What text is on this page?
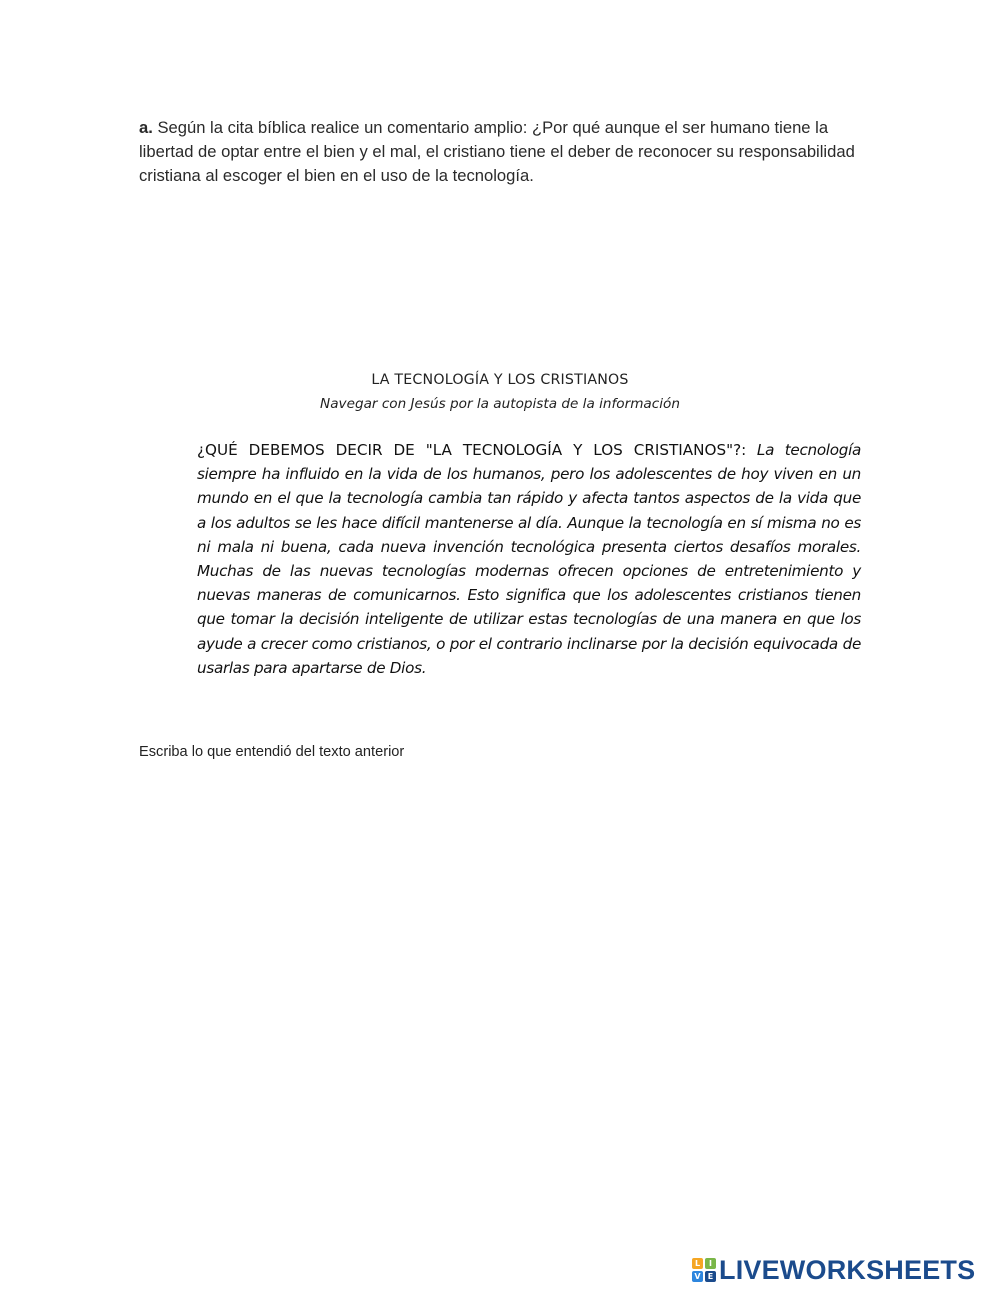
a. Según la cita bíblica realice un comentario amplio: ¿Por qué aunque el ser humano tiene la libertad de optar entre el bien y el mal, el cristiano tiene el deber de reconocer su responsabilidad cristiana al escoger el bien en el uso de la tecnología.

LA TECNOLOGÍA Y LOS CRISTIANOS
Navegar con Jesús por la autopista de la información

¿QUÉ DEBEMOS DECIR DE "LA TECNOLOGÍA Y LOS CRISTIANOS"?: La tecnología siempre ha influido en la vida de los humanos, pero los adolescentes de hoy viven en un mundo en el que la tecnología cambia tan rápido y afecta tantos aspectos de la vida que a los adultos se les hace difícil mantenerse al día. Aunque la tecnología en sí misma no es ni mala ni buena, cada nueva invención tecnológica presenta ciertos desafíos morales. Muchas de las nuevas tecnologías modernas ofrecen opciones de entretenimiento y nuevas maneras de comunicarnos. Esto significa que los adolescentes cristianos tienen que tomar la decisión inteligente de utilizar estas tecnologías de una manera en que los ayude a crecer como cristianos, o por el contrario inclinarse por la decisión equivocada de usarlas para apartarse de Dios.

Escriba lo que entendió del texto anterior
L	I
V E LIVEWORKSHEETS
